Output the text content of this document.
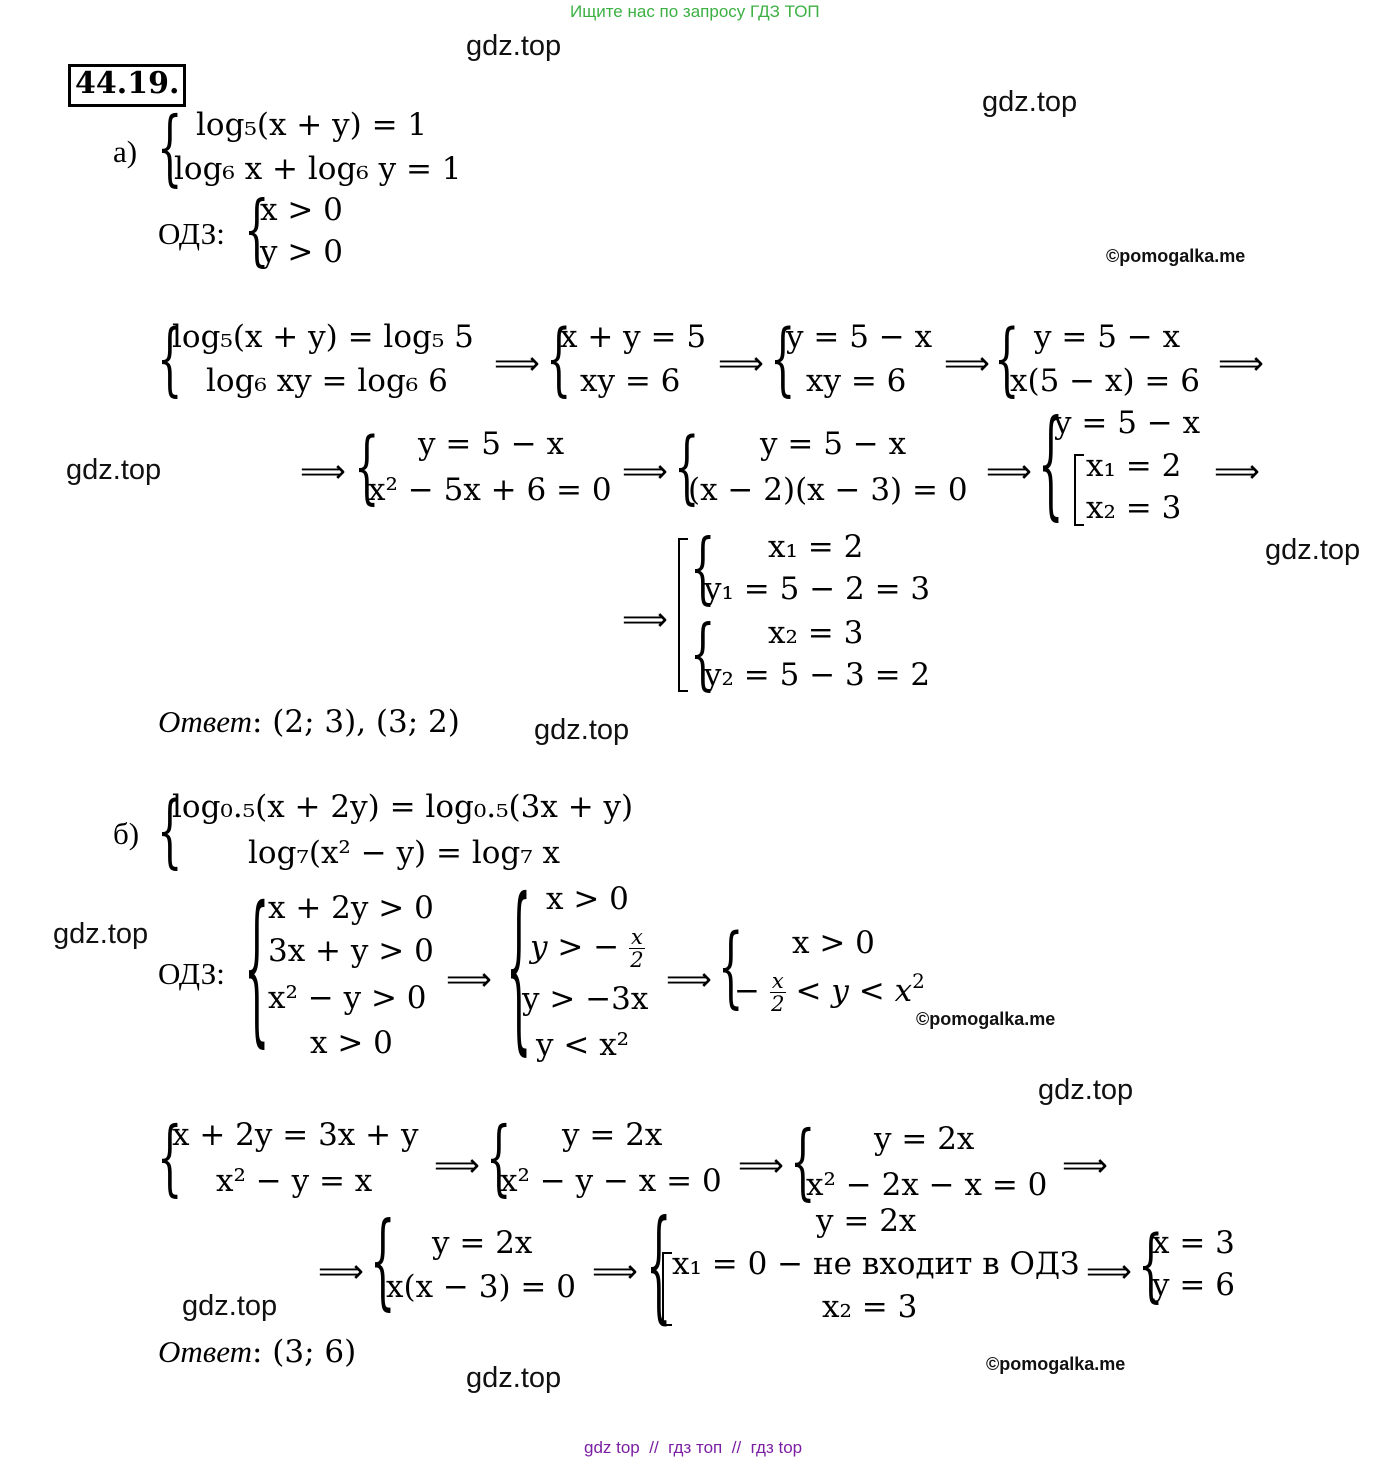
Ищите нас по запросу ГДЗ ТОП
gdz.top
gdz.top
©pomogalka.me
gdz.top
gdz.top
gdz.top
gdz.top
©pomogalka.me
gdz.top
gdz.top
©pomogalka.me
gdz.top
44.19.
а) { log₅(x + y) = 1
log₆ x + log₆ y = 1
ОДЗ: {
x > 0
y > 0
{
log₅(x + y) = log₅ 5
log₆ xy = log₆ 6 ⟹ {
x + y = 5
xy = 6 ⟹ {
y = 5 − x
xy = 6 ⟹ { y = 5 − x
x(5 − x) = 6 ⟹
⟹ { y = 5 − x
x² − 5x + 6 = 0 ⟹ { y = 5 − x
(x − 2)(x − 3) = 0 ⟹ {
y = 5 − x
x₁ = 2
x₂ = 3
⟹
⟹
{ x₁ = 2
y₁ = 5 − 2 = 3
{ x₂ = 3
y₂ = 5 − 3 = 2
Ответ: (2; 3), (3; 2)
б) {
log₀.₅(x + 2y) = log₀.₅(3x + y)
log₇(x² − y) = log₇ x
ОДЗ: {
x + 2y > 0
3x + y > 0
x² − y > 0
x > 0
⟹ { x > 0
y > − $\frac{x}{2}$
y > −3x
y < x²
⟹ { x > 0
− $\frac{x}{2} < y < x^2$
{
x + 2y = 3x + y
x² − y = x ⟹ { y = 2x
x² − y − x = 0 ⟹ { y = 2x
x² − 2x − x = 0
⟹
⟹ { y = 2x
x(x − 3) = 0 ⟹ {	y = 2x
x₁ = 0 − не входит в ОДЗ
x₂ = 3
⟹ {
x = 3
y = 6
Ответ: (3; 6)
gdz top // гдз топ // гдз top
